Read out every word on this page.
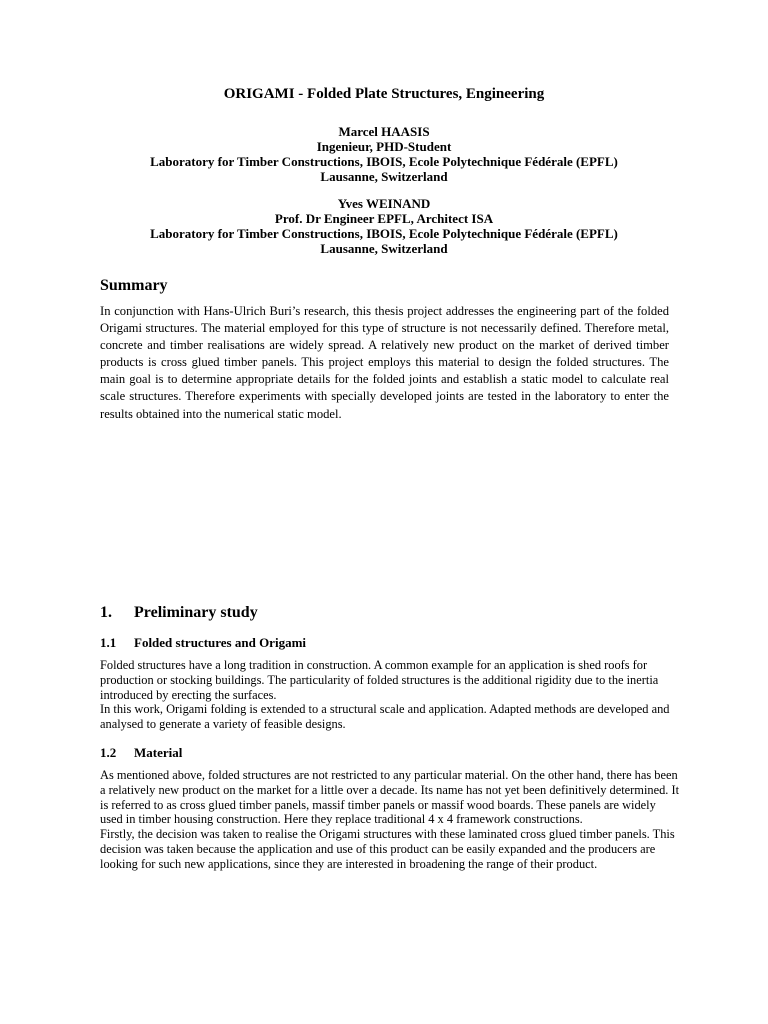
ORIGAMI - Folded Plate Structures, Engineering
Marcel HAASIS
Ingenieur, PHD-Student
Laboratory for Timber Constructions, IBOIS, Ecole Polytechnique Fédérale (EPFL)
Lausanne, Switzerland
Yves WEINAND
Prof. Dr Engineer EPFL, Architect ISA
Laboratory for Timber Constructions, IBOIS, Ecole Polytechnique Fédérale (EPFL)
Lausanne, Switzerland
Summary
In conjunction with Hans-Ulrich Buri’s research, this thesis project addresses the engineering part of the folded Origami structures. The material employed for this type of structure is not necessarily defined. Therefore metal, concrete and timber realisations are widely spread. A relatively new product on the market of derived timber products is cross glued timber panels. This project employs this material to design the folded structures. The main goal is to determine appropriate details for the folded joints and establish a static model to calculate real scale structures. Therefore experiments with specially developed joints are tested in the laboratory to enter the results obtained into the numerical static model.
1. Preliminary study
1.1 Folded structures and Origami

Folded structures have a long tradition in construction. A common example for an application is shed roofs for production or stocking buildings. The particularity of folded structures is the additional rigidity due to the inertia introduced by erecting the surfaces.

In this work, Origami folding is extended to a structural scale and application. Adapted methods are developed and analysed to generate a variety of feasible designs.

1.2 Material

As mentioned above, folded structures are not restricted to any particular material. On the other hand, there has been a relatively new product on the market for a little over a decade. Its name has not yet been definitively determined. It is referred to as cross glued timber panels, massif timber panels or massif wood boards. These panels are widely used in timber housing construction. Here they replace traditional 4 x 4 framework constructions.

Firstly, the decision was taken to realise the Origami structures with these laminated cross glued timber panels. This decision was taken because the application and use of this product can be easily expanded and the producers are looking for such new applications, since they are interested in broadening the range of their product.
